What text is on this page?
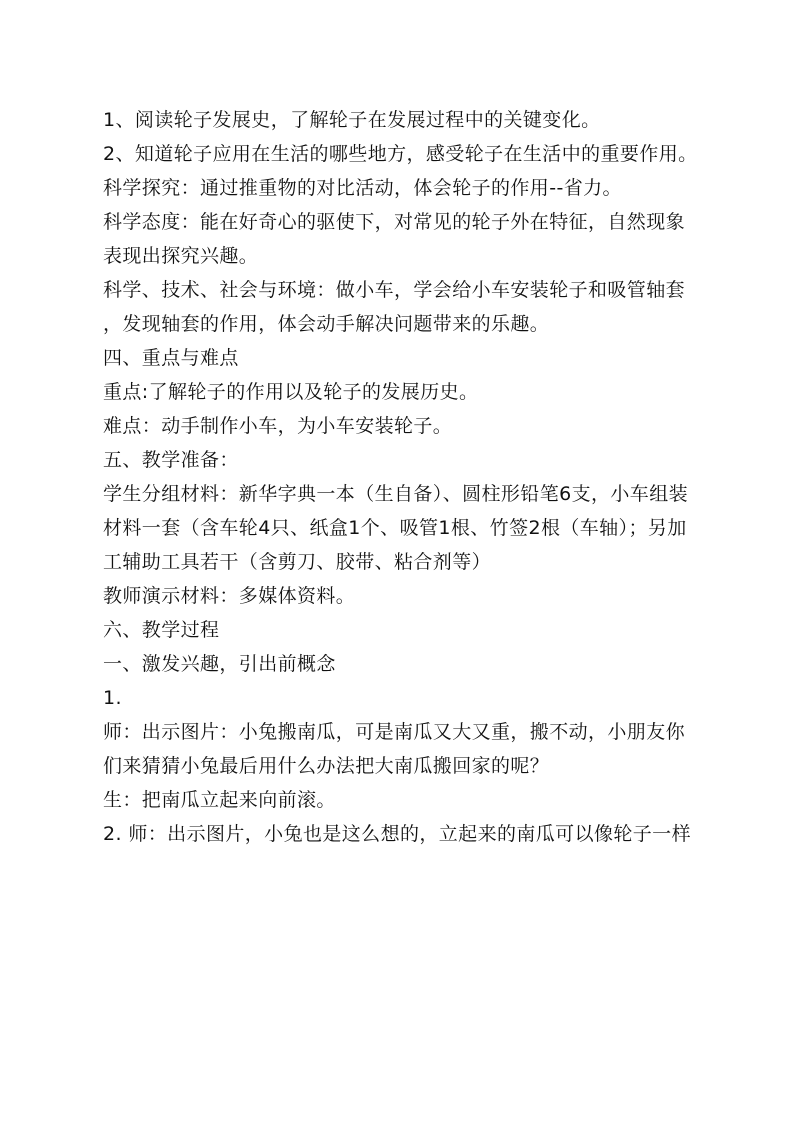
1、阅读轮子发展史，了解轮子在发展过程中的关键变化。
2、知道轮子应用在生活的哪些地方，感受轮子在生活中的重要作用。
科学探究：通过推重物的对比活动，体会轮子的作用--省力。
科学态度：能在好奇心的驱使下，对常见的轮子外在特征，自然现象
表现出探究兴趣。
科学、技术、社会与环境：做小车，学会给小车安装轮子和吸管轴套
，发现轴套的作用，体会动手解决问题带来的乐趣。
四、重点与难点
重点:了解轮子的作用以及轮子的发展历史。
难点：动手制作小车，为小车安装轮子。
五、教学准备：
学生分组材料：新华字典一本（生自备）、圆柱形铅笔6支，小车组装
材料一套（含车轮4只、纸盒1个、吸管1根、竹签2根（车轴）；另加
工辅助工具若干（含剪刀、胶带、粘合剂等）
教师演示材料：多媒体资料。
六、教学过程
一、激发兴趣，引出前概念
1.
师：出示图片：小兔搬南瓜，可是南瓜又大又重，搬不动，小朋友你
们来猜猜小兔最后用什么办法把大南瓜搬回家的呢？
生：把南瓜立起来向前滚。
2. 师：出示图片，小兔也是这么想的，立起来的南瓜可以像轮子一样
